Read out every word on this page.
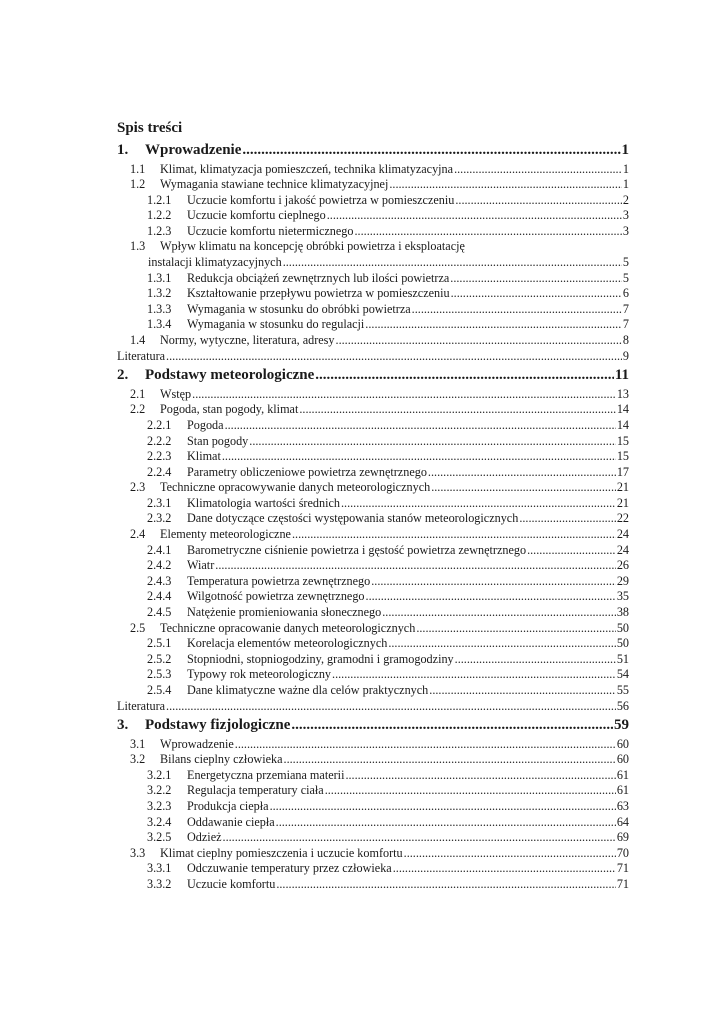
Spis treści
1.	Wprowadzenie .....	1
1.1	Klimat, klimatyzacja pomieszczeń, technika klimatyzacyjna .....	1
1.2	Wymagania stawiane technice klimatyzacyjnej .....	1
1.2.1	Uczucie komfortu i jakość powietrza w pomieszczeniu .....	2
1.2.2	Uczucie komfortu cieplnego .....	3
1.2.3	Uczucie komfortu nietermicznego .....	3
1.3	Wpływ klimatu na koncepcję obróbki powietrza i eksploatację
instalacji klimatyzacyjnych .....	5
1.3.1	Redukcja obciążeń zewnętrznych lub ilości powietrza .....	5
1.3.2	Kształtowanie przepływu powietrza w pomieszczeniu .....	6
1.3.3	Wymagania w stosunku do obróbki powietrza .....	7
1.3.4	Wymagania w stosunku do regulacji .....	7
1.4	Normy, wytyczne, literatura, adresy .....	8
Literatura .....	9
2.	Podstawy meteorologiczne .....	11
2.1	Wstęp .....	13
2.2	Pogoda, stan pogody, klimat .....	14
2.2.1	Pogoda .....	14
2.2.2	Stan pogody .....	15
2.2.3	Klimat .....	15
2.2.4	Parametry obliczeniowe powietrza zewnętrznego .....	17
2.3	Techniczne opracowywanie danych meteorologicznych .....	21
2.3.1	Klimatologia wartości średnich .....	21
2.3.2	Dane dotyczące częstości występowania stanów meteorologicznych .....	22
2.4	Elementy meteorologiczne .....	24
2.4.1	Barometryczne ciśnienie powietrza i gęstość powietrza zewnętrznego .....	24
2.4.2	Wiatr .....	26
2.4.3	Temperatura powietrza zewnętrznego .....	29
2.4.4	Wilgotność powietrza zewnętrznego .....	35
2.4.5	Natężenie promieniowania słonecznego .....	38
2.5	Techniczne opracowanie danych meteorologicznych .....	50
2.5.1	Korelacja elementów meteorologicznych .....	50
2.5.2	Stopniodni, stopniogodziny, gramodni i gramogodziny .....	51
2.5.3	Typowy rok meteorologiczny .....	54
2.5.4	Dane klimatyczne ważne dla celów praktycznych .....	55
Literatura .....	56
3.	Podstawy fizjologiczne .....	59
3.1	Wprowadzenie .....	60
3.2	Bilans cieplny człowieka .....	60
3.2.1	Energetyczna przemiana materii .....	61
3.2.2	Regulacja temperatury ciała .....	61
3.2.3	Produkcja ciepła .....	63
3.2.4	Oddawanie ciepła .....	64
3.2.5	Odzież .....	69
3.3	Klimat cieplny pomieszczenia i uczucie komfortu .....	70
3.3.1	Odczuwanie temperatury przez człowieka .....	71
3.3.2	Uczucie komfortu .....	71
